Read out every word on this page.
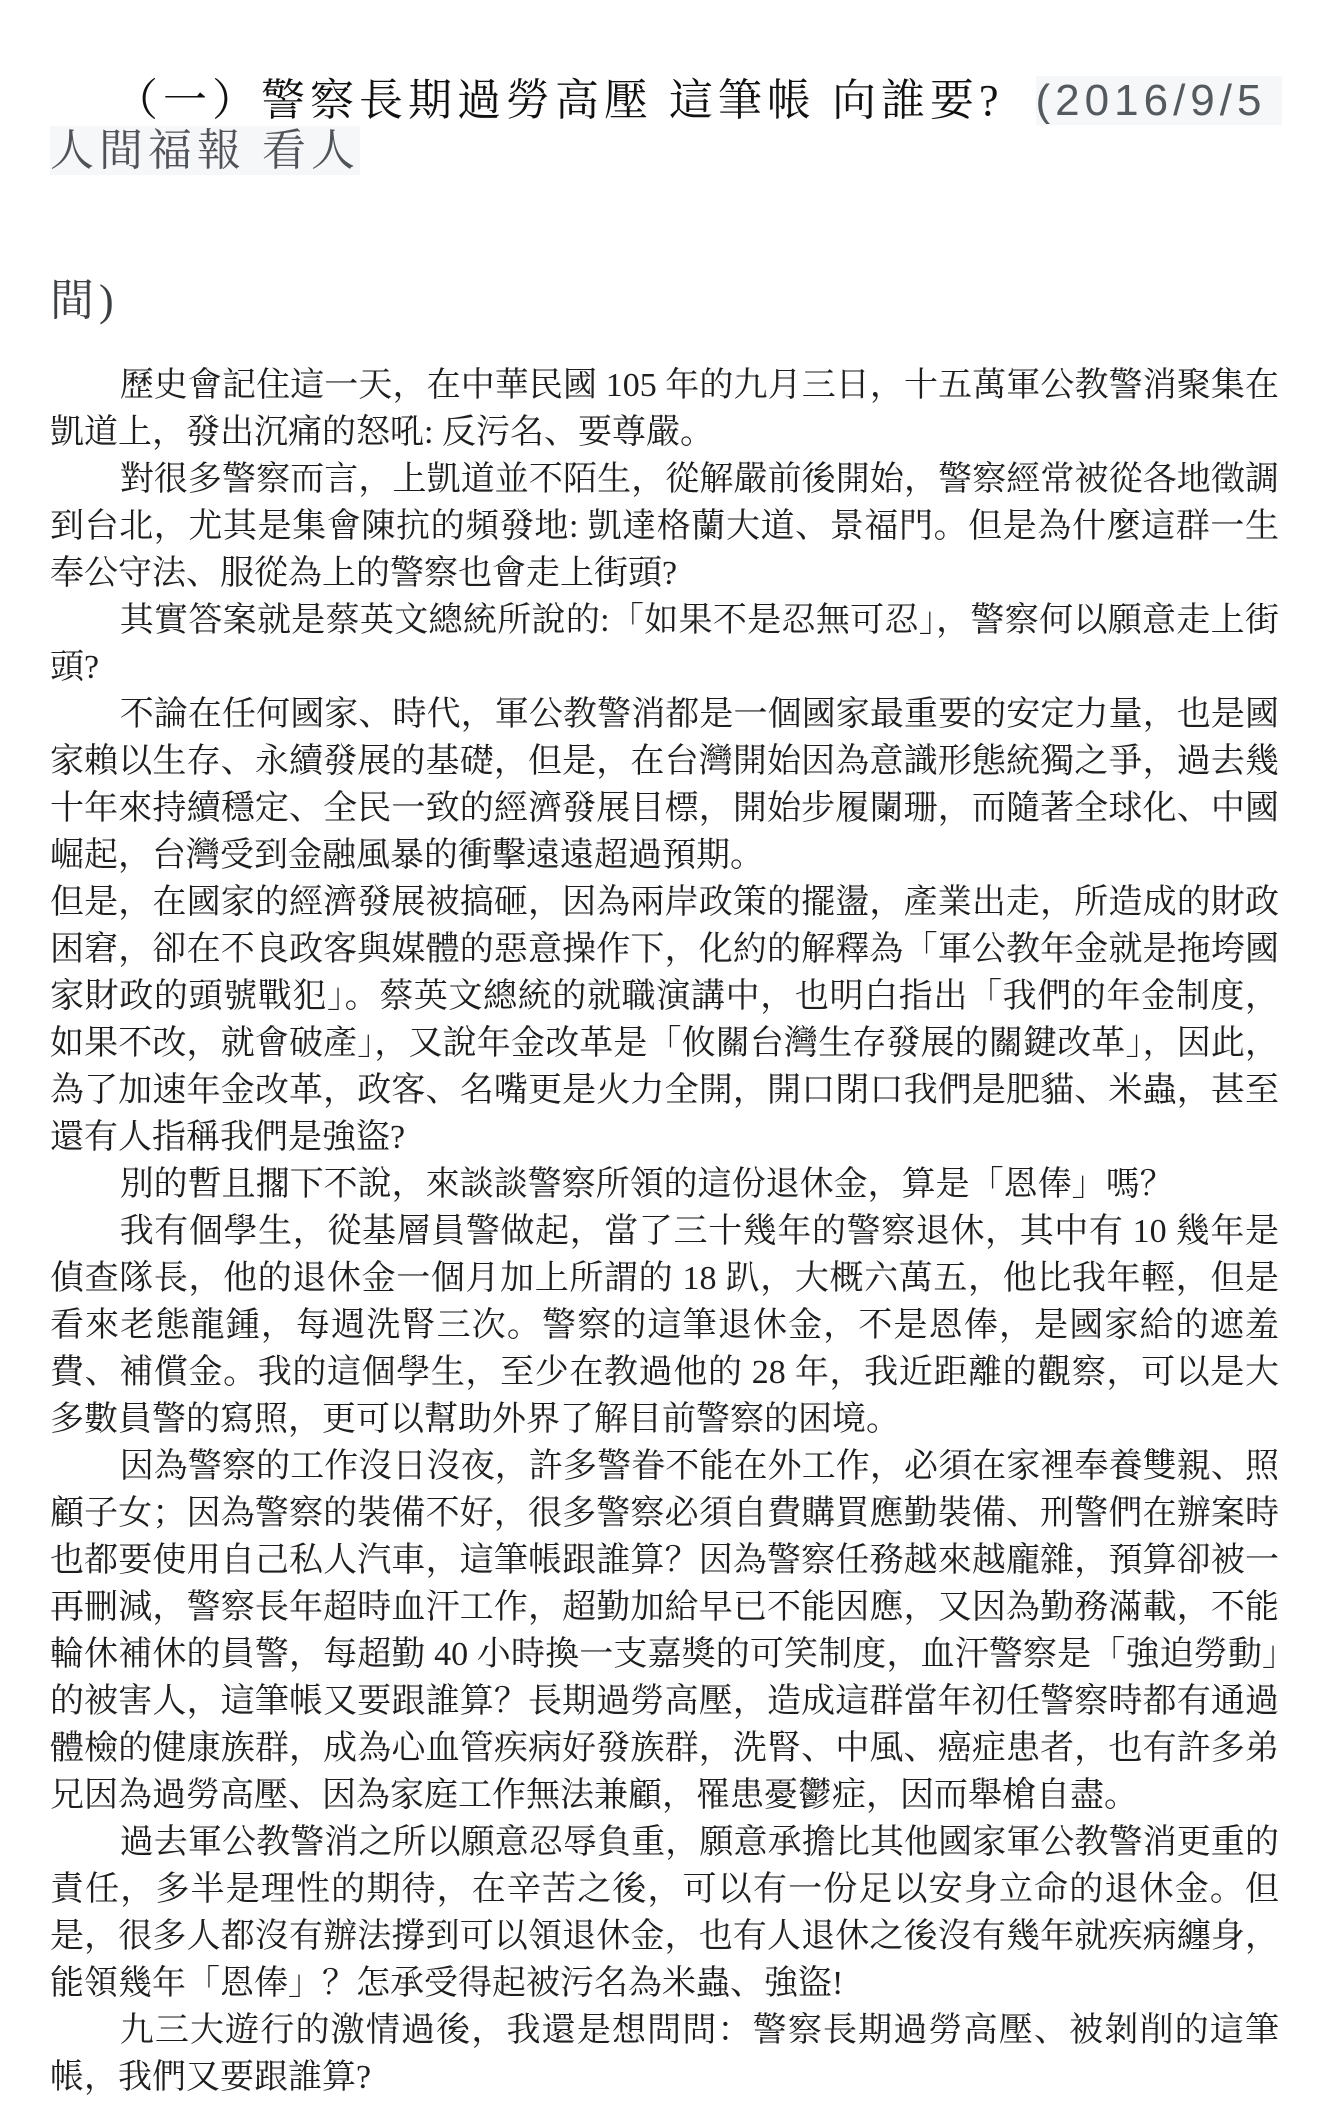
（一）警察長期過勞高壓 這筆帳 向誰要?  (2016/9/5 人間福報 看人

間)

歷史會記住這一天，在中華民國 105 年的九月三日，十五萬軍公教警消聚集在凱道上，發出沉痛的怒吼: 反污名、要尊嚴。

對很多警察而言，上凱道並不陌生，從解嚴前後開始，警察經常被從各地徵調到台北，尤其是集會陳抗的頻發地: 凱達格蘭大道、景福門。但是為什麼這群一生奉公守法、服從為上的警察也會走上街頭?

其實答案就是蔡英文總統所說的:「如果不是忍無可忍」，警察何以願意走上街頭?

不論在任何國家、時代，軍公教警消都是一個國家最重要的安定力量，也是國家賴以生存、永續發展的基礎，但是，在台灣開始因為意識形態統獨之爭，過去幾十年來持續穩定、全民一致的經濟發展目標，開始步履闌珊，而隨著全球化、中國崛起，台灣受到金融風暴的衝擊遠遠超過預期。

但是，在國家的經濟發展被搞砸，因為兩岸政策的擺盪，產業出走，所造成的財政困窘，卻在不良政客與媒體的惡意操作下，化約的解釋為「軍公教年金就是拖垮國家財政的頭號戰犯」。蔡英文總統的就職演講中，也明白指出「我們的年金制度，如果不改，就會破產」，又說年金改革是「攸關台灣生存發展的關鍵改革」，因此，為了加速年金改革，政客、名嘴更是火力全開，開口閉口我們是肥貓、米蟲，甚至還有人指稱我們是強盜?

別的暫且擱下不說，來談談警察所領的這份退休金，算是「恩俸」嗎？

我有個學生，從基層員警做起，當了三十幾年的警察退休，其中有 10 幾年是偵查隊長，他的退休金一個月加上所謂的 18 趴，大概六萬五，他比我年輕，但是看來老態龍鍾，每週洗腎三次。警察的這筆退休金，不是恩俸，是國家給的遮羞費、補償金。我的這個學生，至少在教過他的 28 年，我近距離的觀察，可以是大多數員警的寫照，更可以幫助外界了解目前警察的困境。

因為警察的工作沒日沒夜，許多警眷不能在外工作，必須在家裡奉養雙親、照顧子女；因為警察的裝備不好，很多警察必須自費購買應勤裝備、刑警們在辦案時也都要使用自己私人汽車，這筆帳跟誰算？因為警察任務越來越龐雜，預算卻被一再刪減，警察長年超時血汗工作，超勤加給早已不能因應，又因為勤務滿載，不能輪休補休的員警，每超勤 40 小時換一支嘉獎的可笑制度，血汗警察是「強迫勞動」的被害人，這筆帳又要跟誰算？長期過勞高壓，造成這群當年初任警察時都有通過體檢的健康族群，成為心血管疾病好發族群，洗腎、中風、癌症患者，也有許多弟兄因為過勞高壓、因為家庭工作無法兼顧，罹患憂鬱症，因而舉槍自盡。

過去軍公教警消之所以願意忍辱負重，願意承擔比其他國家軍公教警消更重的責任，多半是理性的期待，在辛苦之後，可以有一份足以安身立命的退休金。但是，很多人都沒有辦法撐到可以領退休金，也有人退休之後沒有幾年就疾病纏身，能領幾年「恩俸」？怎承受得起被污名為米蟲、強盜!

九三大遊行的激情過後，我還是想問問：警察長期過勞高壓、被剝削的這筆帳，我們又要跟誰算?
